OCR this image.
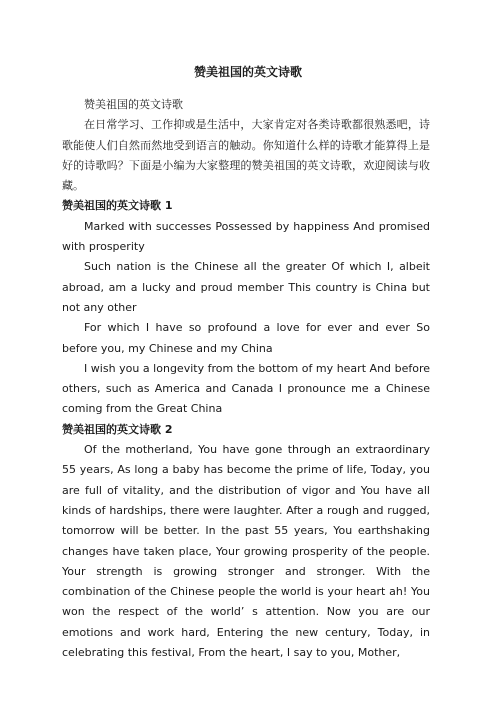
赞美祖国的英文诗歌

赞美祖国的英文诗歌

在日常学习、工作抑或是生活中，大家肯定对各类诗歌都很熟悉吧，诗歌能使人们自然而然地受到语言的触动。你知道什么样的诗歌才能算得上是好的诗歌吗？下面是小编为大家整理的赞美祖国的英文诗歌，欢迎阅读与收藏。

赞美祖国的英文诗歌 1

Marked with successes Possessed by happiness And promised with prosperity

Such nation is the Chinese all the greater Of which I, albeit abroad, am a lucky and proud member This country is China but not any other

For which I have so profound a love for ever and ever So before you, my Chinese and my China

I wish you a longevity from the bottom of my heart And before others, such as America and Canada I pronounce me a Chinese coming from the Great China

赞美祖国的英文诗歌 2

Of the motherland, You have gone through an extraordinary 55 years, As long a baby has become the prime of life, Today, you are full of vitality, and the distribution of vigor and You have all kinds of hardships, there were laughter. After a rough and rugged, tomorrow will be better. In the past 55 years, You earthshaking changes have taken place, Your growing prosperity of the people. Your strength is growing stronger and stronger. With the combination of the Chinese people the world is your heart ah! You won the respect of the world’ s attention. Now you are our emotions and work hard, Entering the new century, Today, in celebrating this festival, From the heart, I say to you, Mother,
